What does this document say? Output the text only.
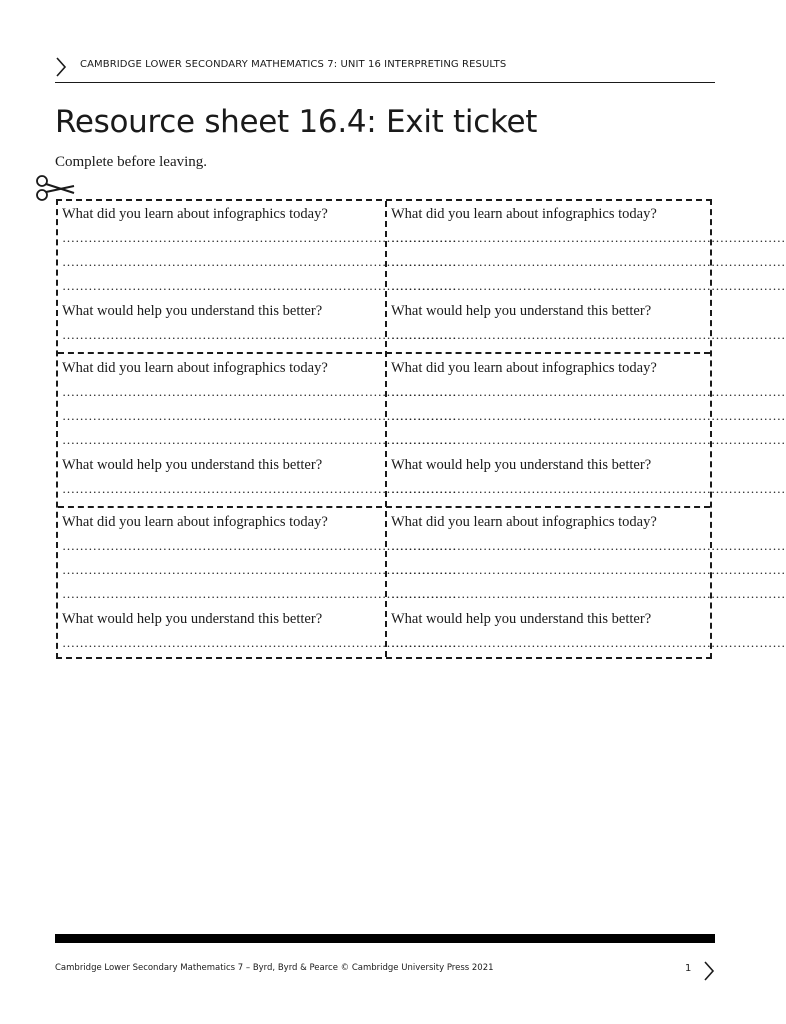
CAMBRIDGE LOWER SECONDARY MATHEMATICS 7: UNIT 16 INTERPRETING RESULTS
Resource sheet 16.4: Exit ticket
Complete before leaving.
What did you learn about infographics today?
………………………………………………………………………………
………………………………………………………………………………
………………………………………………………………………………
What would help you understand this better?
………………………………………………………………………………
What did you learn about infographics today?
………………………………………………………………………………
………………………………………………………………………………
………………………………………………………………………………
What would help you understand this better?
………………………………………………………………………………
What did you learn about infographics today?
………………………………………………………………………………
………………………………………………………………………………
………………………………………………………………………………
What would help you understand this better?
………………………………………………………………………………
What did you learn about infographics today?
………………………………………………………………………………
………………………………………………………………………………
………………………………………………………………………………
What would help you understand this better?
………………………………………………………………………………
What did you learn about infographics today?
………………………………………………………………………………
………………………………………………………………………………
………………………………………………………………………………
What would help you understand this better?
………………………………………………………………………………
What did you learn about infographics today?
………………………………………………………………………………
………………………………………………………………………………
………………………………………………………………………………
What would help you understand this better?
………………………………………………………………………………
Cambridge Lower Secondary Mathematics 7 – Byrd, Byrd & Pearce © Cambridge University Press 2021	1
